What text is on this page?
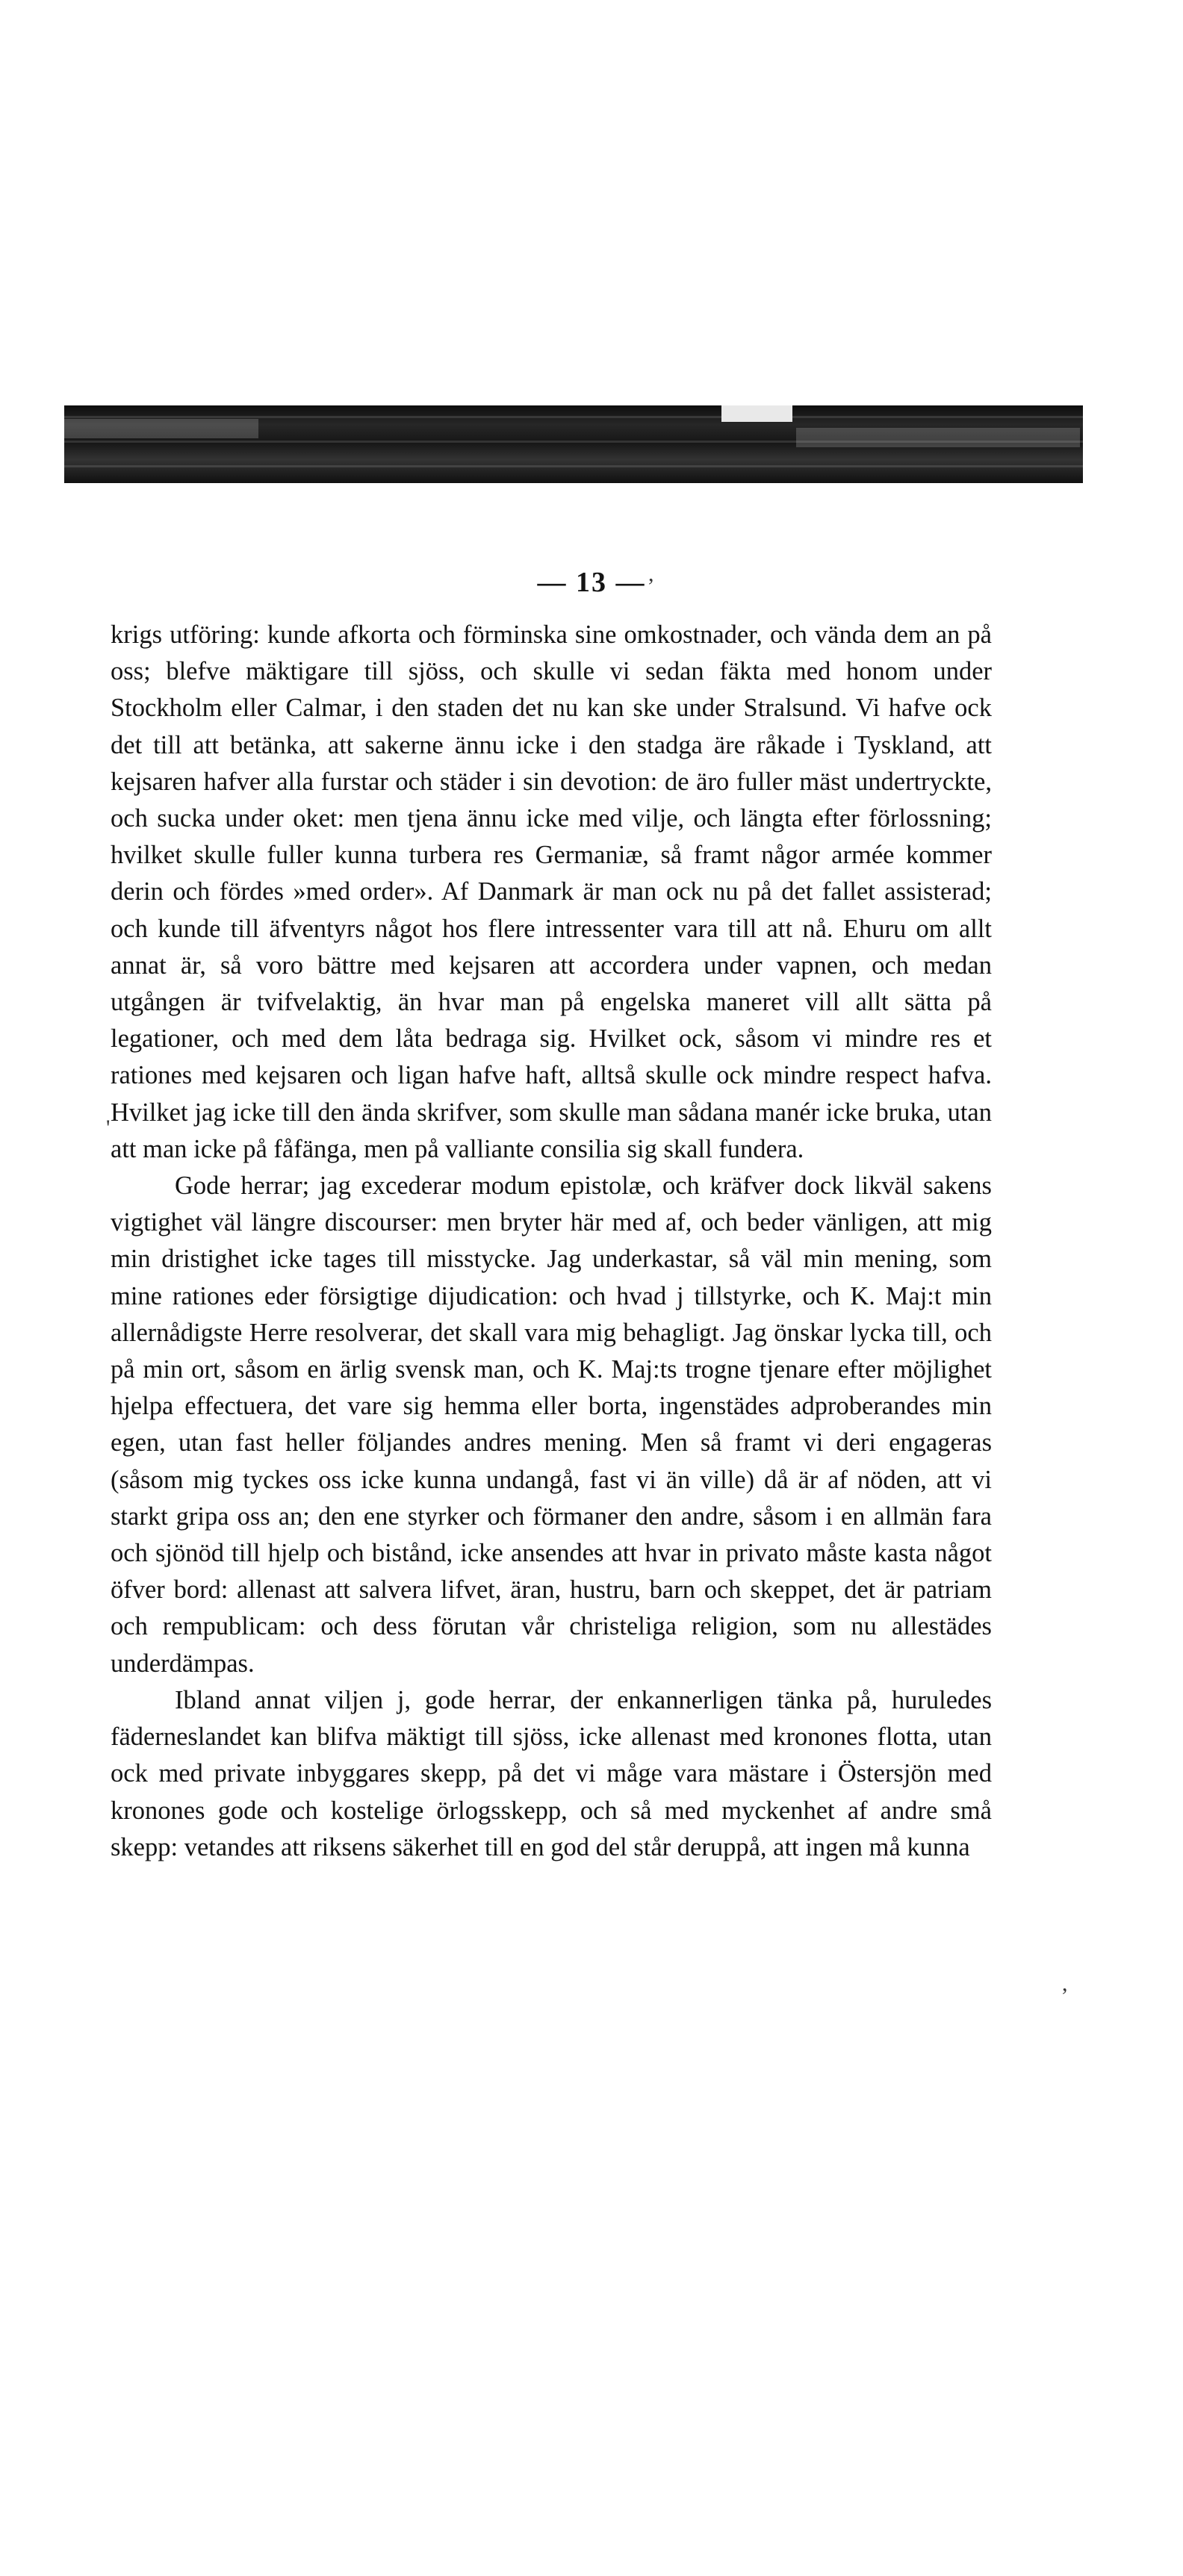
— 13 —

krigs utföring: kunde afkorta och förminska sine omkostnader, och vända dem an på oss; blefve mäktigare till sjöss, och skulle vi sedan fäkta med honom under Stockholm eller Calmar, i den staden det nu kan ske under Stralsund. Vi hafve ock det till att betänka, att sakerne ännu icke i den stadga äre råkade i Tyskland, att kejsaren hafver alla furstar och städer i sin devotion: de äro fuller mäst undertryckte, och sucka under oket: men tjena ännu icke med vilje, och längta efter förlossning; hvilket skulle fuller kunna turbera res Germaniæ, så framt någor armée kommer derin och fördes »med order». Af Danmark är man ock nu på det fallet assisterad; och kunde till äfventyrs något hos flere intressenter vara till att nå. Ehuru om allt annat är, så voro bättre med kejsaren att accordera under vapnen, och medan utgången är tvifvelaktig, än hvar man på engelska maneret vill allt sätta på legationer, och med dem låta bedraga sig. Hvilket ock, såsom vi mindre res et rationes med kejsaren och ligan hafve haft, alltså skulle ock mindre respect hafva. Hvilket jag icke till den ända skrifver, som skulle man sådana manér icke bruka, utan att man icke på fåfänga, men på valliante consilia sig skall fundera.

Gode herrar; jag excederar modum epistolæ, och kräfver dock likväl sakens vigtighet väl längre discourser: men bryter här med af, och beder vänligen, att mig min dristighet icke tages till misstycke. Jag underkastar, så väl min mening, som mine rationes eder försigtige dijudication: och hvad j tillstyrke, och K. Maj:t min allernådigste Herre resolverar, det skall vara mig behagligt. Jag önskar lycka till, och på min ort, såsom en ärlig svensk man, och K. Maj:ts trogne tjenare efter möjlighet hjelpa effectuera, det vare sig hemma eller borta, ingenstädes adproberandes min egen, utan fast heller följandes andres mening. Men så framt vi deri engageras (såsom mig tyckes oss icke kunna undangå, fast vi än ville) då är af nöden, att vi starkt gripa oss an; den ene styrker och förmaner den andre, såsom i en allmän fara och sjönöd till hjelp och bistånd, icke ansendes att hvar in privato måste kasta något öfver bord: allenast att salvera lifvet, äran, hustru, barn och skeppet, det är patriam och rempublicam: och dess förutan vår christeliga religion, som nu allestädes underdämpas.

Ibland annat viljen j, gode herrar, der enkannerligen tänka på, huruledes fäderneslandet kan blifva mäktigt till sjöss, icke allenast med kronones flotta, utan ock med private inbyggares skepp, på det vi måge vara mästare i Östersjön med kronones gode och kostelige örlogsskepp, och så med myckenhet af andre små skepp: vetandes att riksens säkerhet till en god del står deruppå, att ingen må kunna

,
'
,
